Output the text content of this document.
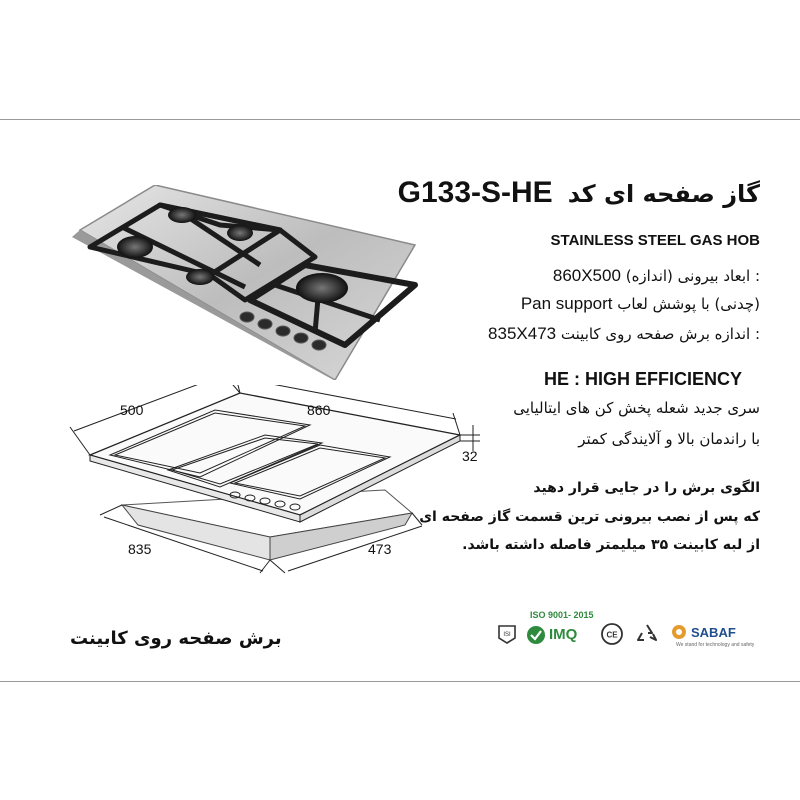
گاز صفحه ای کد G133-S-HE
STAINLESS STEEL GAS HOB
: ابعاد بیرونی (اندازه) 860X500
(چدنی) با پوشش لعاب Pan support
: اندازه برش صفحه روی کابینت 835X473
HE : HIGH EFFICIENCY
سری جدید شعله پخش کن های ایتالیایی
با راندمان بالا و آلایندگی کمتر
الگوی برش را در جایی قرار دهید
که پس از نصب بیرونی ترین قسمت گاز صفحه ای
از لبه کابینت ۳۵ میلیمتر فاصله داشته باشد.
500	860
32
835	473
برش صفحه روی کابینت	ISI
ISO 9001- 2015
IMQ	CE	SABAF
We stand for technology and safety
